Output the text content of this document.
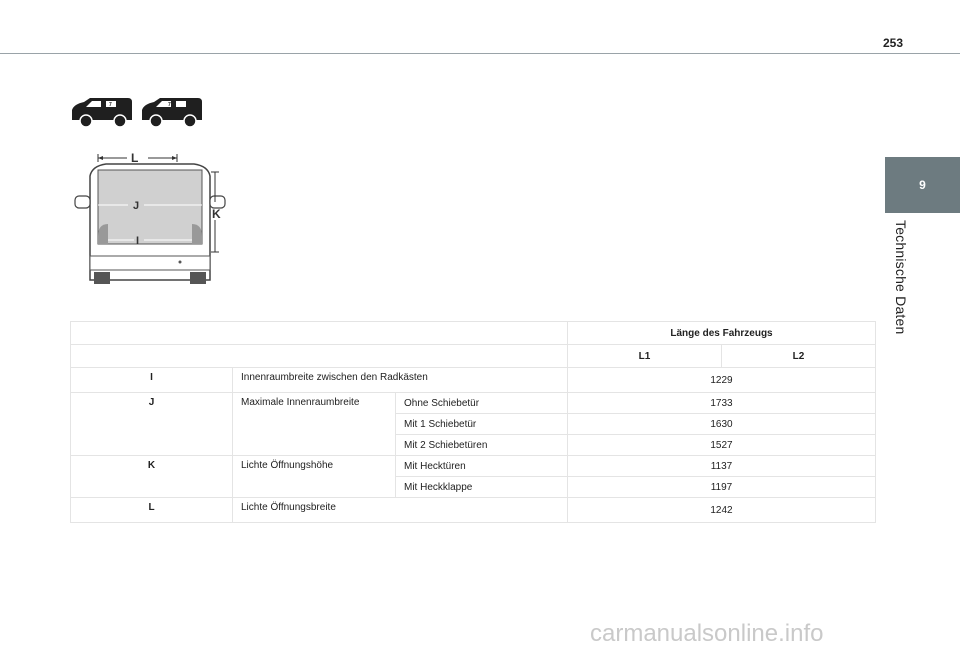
253
9
Technische Daten
7	7
L
J
I
K
			Länge des Fahrzeugs	
			L1	L2
I	Innenraumbreite zwischen den Radkästen		1229	
J	Maximale Innenraumbreite	Ohne Schiebetür	1733	
		Mit 1 Schiebetür	1630	
		Mit 2 Schiebetüren	1527	
K	Lichte Öffnungshöhe	Mit Hecktüren	1137	
		Mit Heckklappe	1197	
L	Lichte Öffnungsbreite		1242	
carmanualsonline.info
